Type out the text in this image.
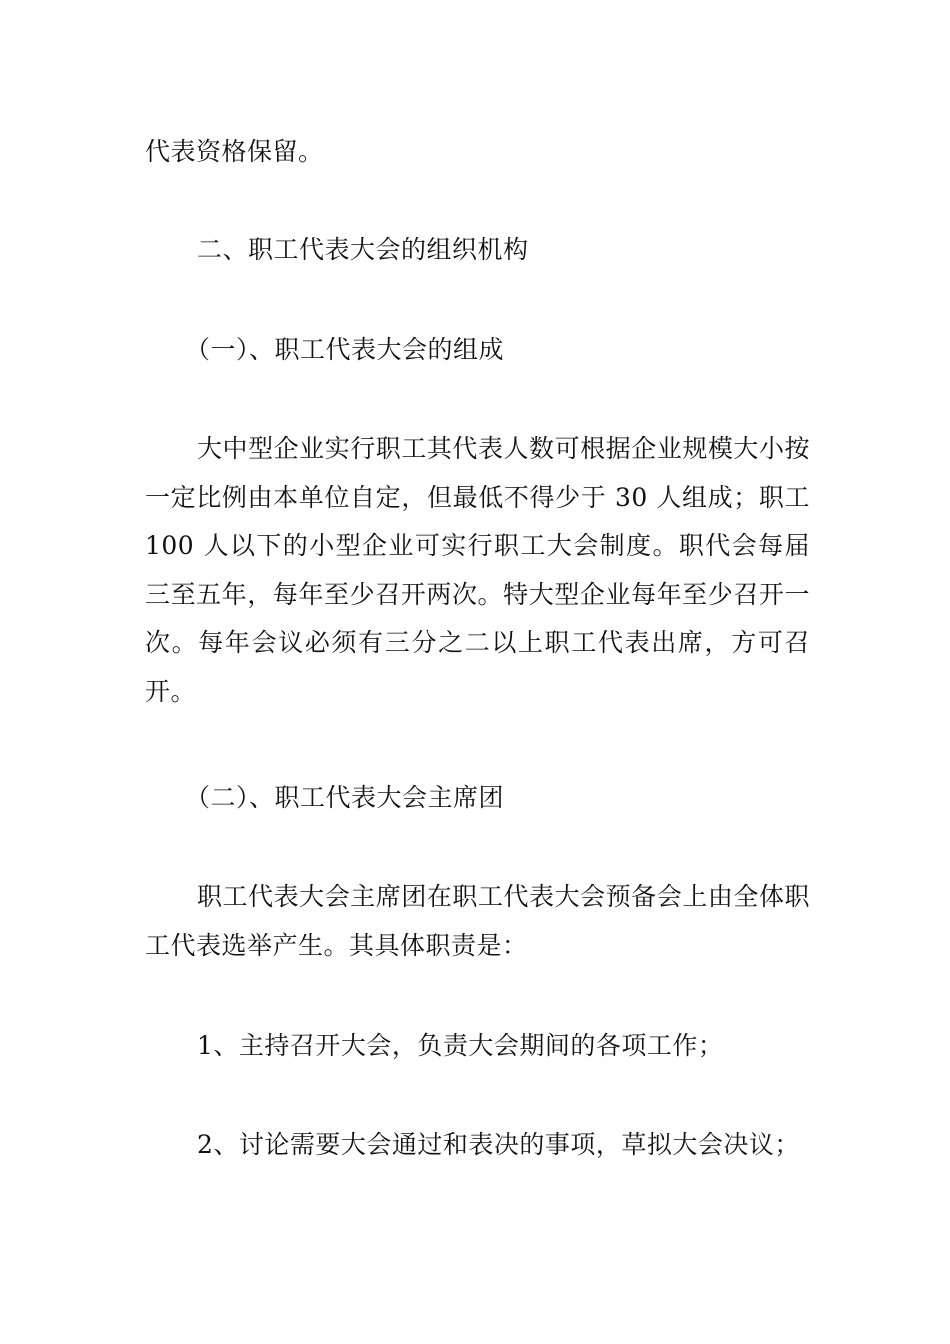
代表资格保留。

二、职工代表大会的组织机构

（一）、职工代表大会的组成

大中型企业实行职工其代表人数可根据企业规模大小按一定比例由本单位自定，但最低不得少于 30 人组成；职工 100 人以下的小型企业可实行职工大会制度。职代会每届三至五年，每年至少召开两次。特大型企业每年至少召开一次。每年会议必须有三分之二以上职工代表出席，方可召开。

（二）、职工代表大会主席团

职工代表大会主席团在职工代表大会预备会上由全体职工代表选举产生。其具体职责是：

1、主持召开大会，负责大会期间的各项工作；

2、讨论需要大会通过和表决的事项，草拟大会决议；
